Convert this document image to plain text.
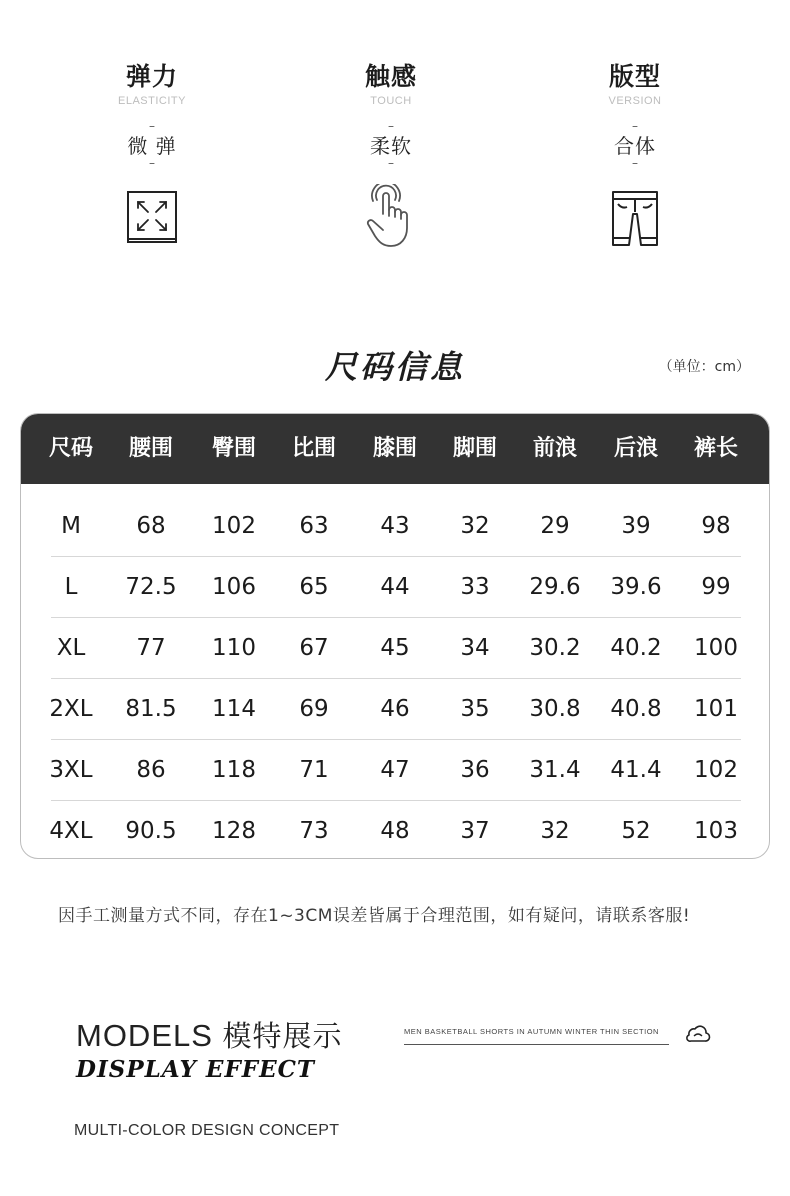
弹力
ELASTICITY
–
微 弹
–
触感
TOUCH
–
柔软
–
版型
VERSION
–
合体
–
尺码信息	（单位：cm）
尺码	腰围	臀围	比围	膝围	脚围	前浪	后浪	裤长
M	68	102	63	43	32	29	39	98
L	72.5	106	65	44	33	29.6	39.6	99
XL	77	110	67	45	34	30.2	40.2	100
2XL	81.5	114	69	46	35	30.8	40.8	101
3XL	86	118	71	47	36	31.4	41.4	102
4XL	90.5	128	73	48	37	32	52	103
因手工测量方式不同，存在1~3CM误差皆属于合理范围，如有疑问，请联系客服!
MODELS 模特展示
DISPLAY EFFECT
MEN BASKETBALL SHORTS IN AUTUMN WINTER THIN SECTION
MULTI-COLOR DESIGN CONCEPT
